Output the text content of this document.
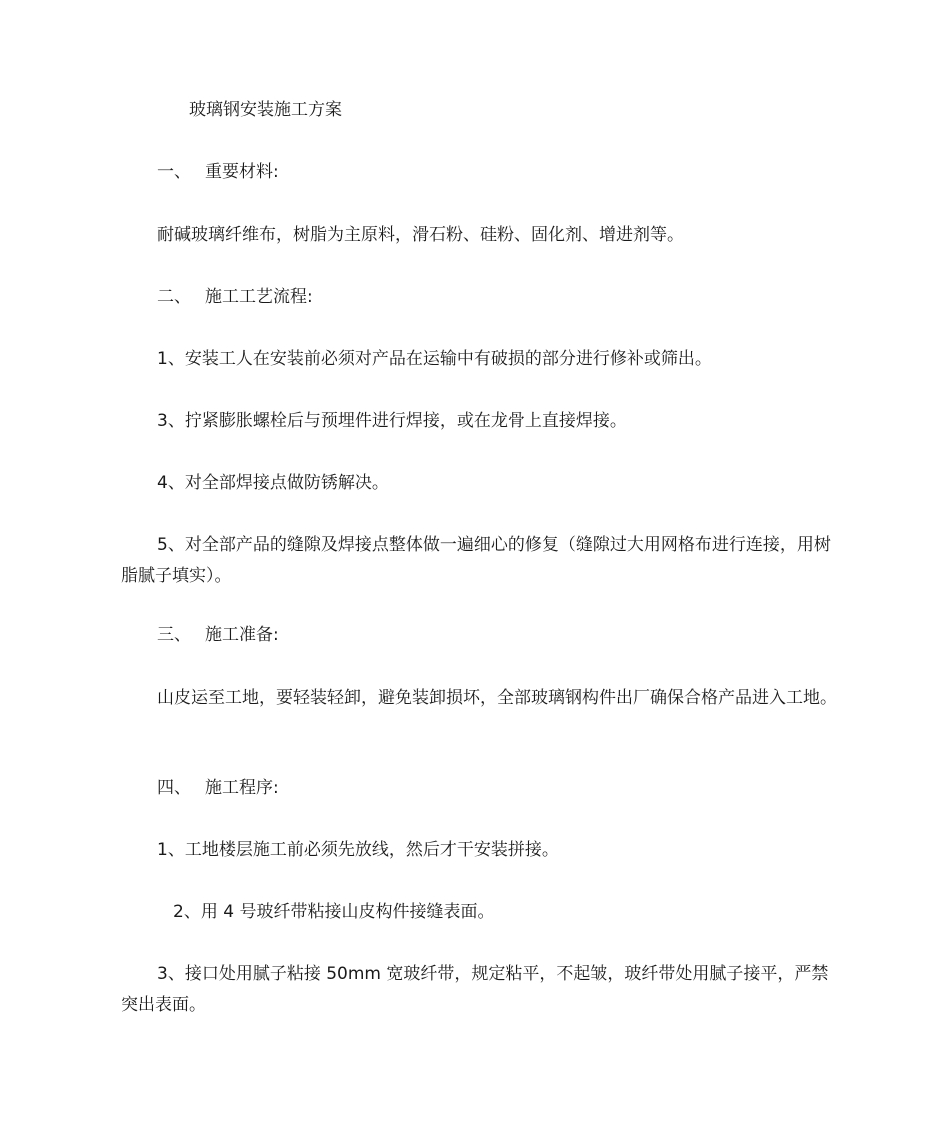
玻璃钢安装施工方案

一、 重要材料:

耐碱玻璃纤维布，树脂为主原料，滑石粉、硅粉、固化剂、增进剂等。

二、 施工工艺流程:

1、安装工人在安装前必须对产品在运输中有破损的部分进行修补或筛出。

3、拧紧膨胀螺栓后与预埋件进行焊接，或在龙骨上直接焊接。

4、对全部焊接点做防锈解决。

5、对全部产品的缝隙及焊接点整体做一遍细心的修复（缝隙过大用网格布进行连接，用树脂腻子填实）。

三、 施工准备:

山皮运至工地，要轻装轻卸，避免装卸损坏，全部玻璃钢构件出厂确保合格产品进入工地。

四、 施工程序:

1、工地楼层施工前必须先放线，然后才干安装拼接。

2、用 4 号玻纤带粘接山皮构件接缝表面。

3、接口处用腻子粘接 50mm 宽玻纤带，规定粘平，不起皱，玻纤带处用腻子接平，严禁突出表面。
